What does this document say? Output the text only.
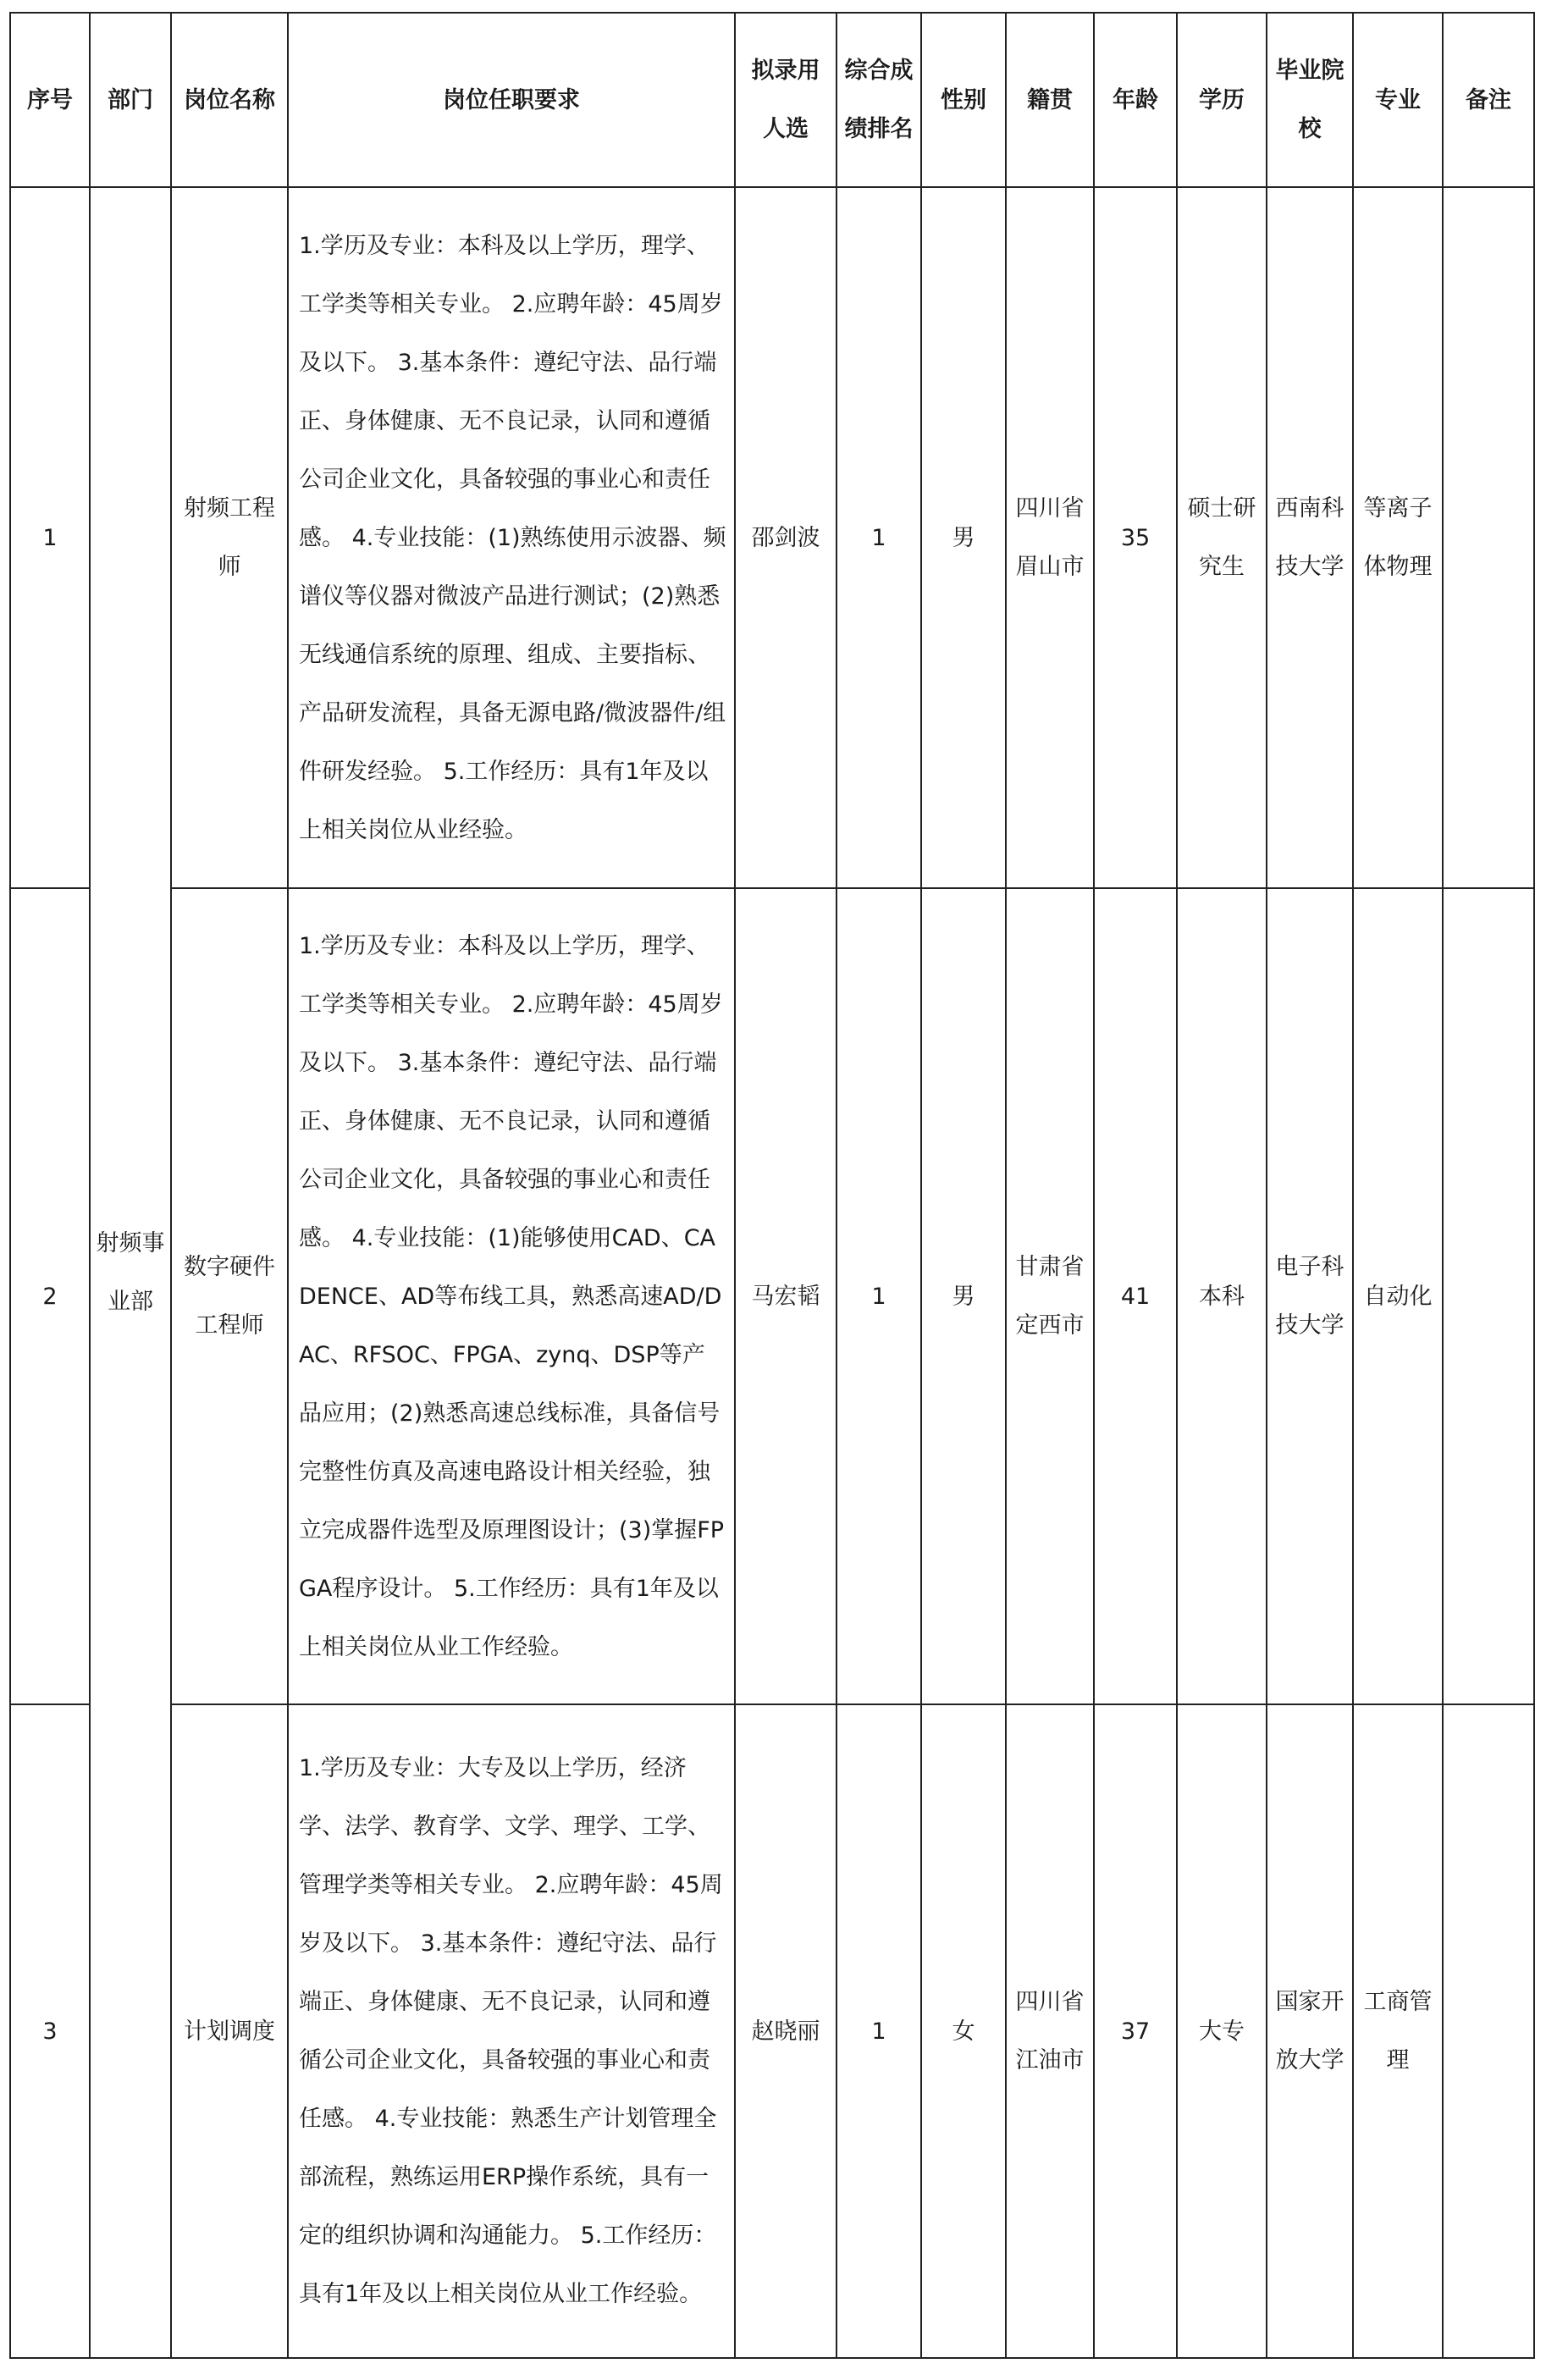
序号	部门	岗位名称	岗位任职要求	拟录用人选	综合成绩排名	性别	籍贯	年龄	学历	毕业院校	专业	备注
1	射频事业部	射频工程师	1.学历及专业：本科及以上学历，理学、工学类等相关专业。 2.应聘年龄：45周岁及以下。 3.基本条件：遵纪守法、品行端正、身体健康、无不良记录，认同和遵循公司企业文化，具备较强的事业心和责任感。 4.专业技能：(1)熟练使用示波器、频谱仪等仪器对微波产品进行测试；(2)熟悉无线通信系统的原理、组成、主要指标、产品研发流程，具备无源电路/微波器件/组件研发经验。 5.工作经历：具有1年及以上相关岗位从业经验。	邵剑波	1	男	四川省眉山市	35	硕士研究生	西南科技大学	等离子体物理	
2		数字硬件工程师	1.学历及专业：本科及以上学历，理学、工学类等相关专业。 2.应聘年龄：45周岁及以下。 3.基本条件：遵纪守法、品行端正、身体健康、无不良记录，认同和遵循公司企业文化，具备较强的事业心和责任感。 4.专业技能：(1)能够使用CAD、CADENCE、AD等布线工具，熟悉高速AD/DAC、RFSOC、FPGA、zynq、DSP等产品应用；(2)熟悉高速总线标准，具备信号完整性仿真及高速电路设计相关经验，独立完成器件选型及原理图设计；(3)掌握FPGA程序设计。 5.工作经历：具有1年及以上相关岗位从业工作经验。	马宏韬	1	男	甘肃省定西市	41	本科	电子科技大学	自动化	
3		计划调度	1.学历及专业：大专及以上学历，经济学、法学、教育学、文学、理学、工学、管理学类等相关专业。 2.应聘年龄：45周岁及以下。 3.基本条件：遵纪守法、品行端正、身体健康、无不良记录，认同和遵循公司企业文化，具备较强的事业心和责任感。 4.专业技能：熟悉生产计划管理全部流程，熟练运用ERP操作系统，具有一定的组织协调和沟通能力。 5.工作经历：具有1年及以上相关岗位从业工作经验。	赵晓丽	1	女	四川省江油市	37	大专	国家开放大学	工商管理	
